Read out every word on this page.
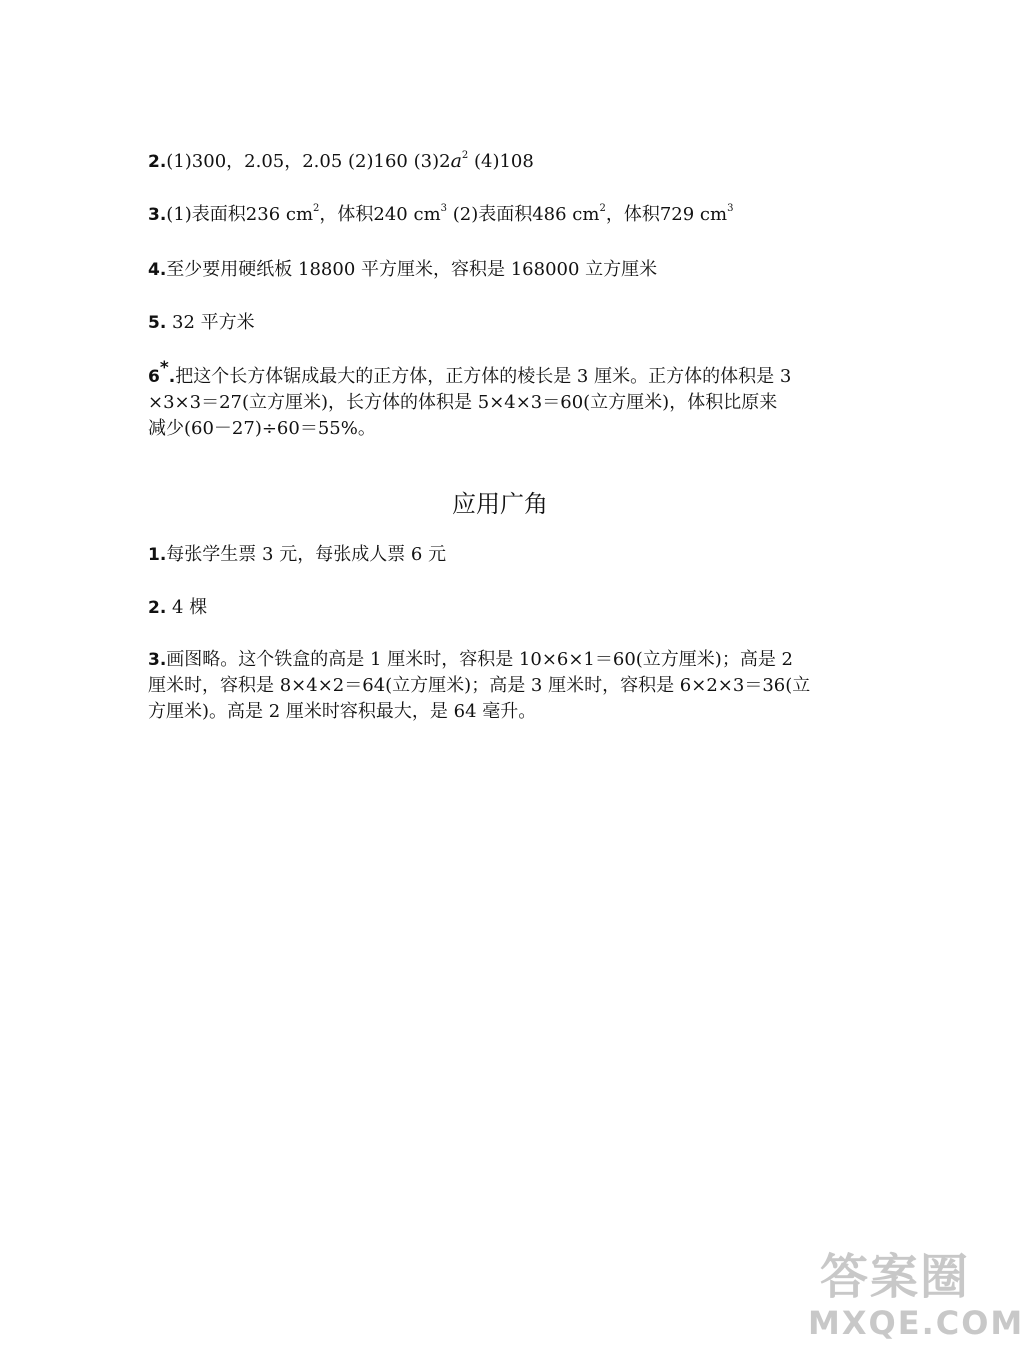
2.(1)300，2.05，2.05 (2)160 $(3)2a^2$ (4)108
3.(1)表面积236 $cm^2$，体积240 $cm^3$ (2)表面积486 $cm^2$，体积729 $cm^3$
4.至少要用硬纸板 18800 平方厘米，容积是 168000 立方厘米
5. 32 平方米
6*.把这个长方体锯成最大的正方体，正方体的棱长是 3 厘米。正方体的体积是 3
×3×3＝27(立方厘米)，长方体的体积是 5×4×3＝60(立方厘米)，体积比原来
减少(60－27)÷60＝55%。
应用广角
1.每张学生票 3 元，每张成人票 6 元
2. 4 棵
3.画图略。这个铁盒的高是 1 厘米时，容积是 10×6×1＝60(立方厘米)；高是 2
厘米时，容积是 8×4×2＝64(立方厘米)；高是 3 厘米时，容积是 6×2×3＝36(立
方厘米)。高是 2 厘米时容积最大，是 64 毫升。
答案圈
MXQE.COM
